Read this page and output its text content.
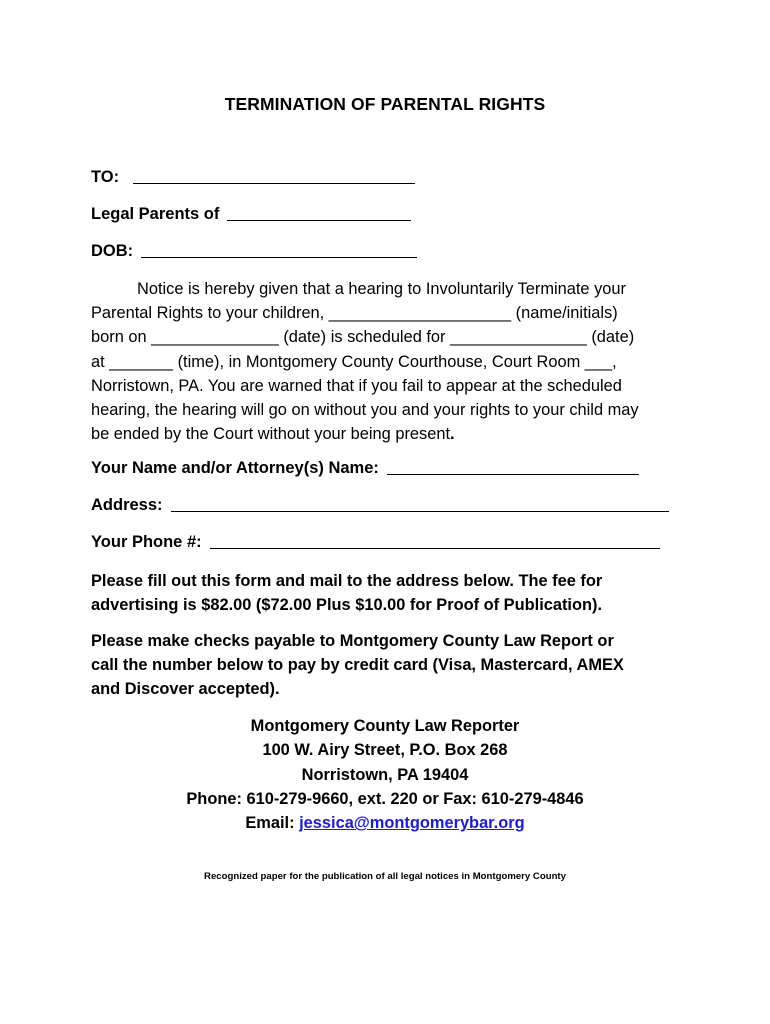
TERMINATION OF PARENTAL RIGHTS
TO:
Legal Parents of
DOB:
Notice is hereby given that a hearing to Involuntarily Terminate your
Parental Rights to your children, ____________________ (name/initials)
born on ______________ (date) is scheduled for _______________ (date)
at _______ (time), in Montgomery County Courthouse, Court Room ___,
Norristown, PA. You are warned that if you fail to appear at the scheduled
hearing, the hearing will go on without you and your rights to your child may
be ended by the Court without your being present.
Your Name and/or Attorney(s) Name:
Address:
Your Phone #:
Please fill out this form and mail to the address below. The fee for
advertising is $82.00 ($72.00 Plus $10.00 for Proof of Publication).
Please make checks payable to Montgomery County Law Report or
call the number below to pay by credit card (Visa, Mastercard, AMEX
and Discover accepted).
Montgomery County Law Reporter
100 W. Airy Street, P.O. Box 268
Norristown, PA 19404
Phone: 610-279-9660, ext. 220 or Fax: 610-279-4846
Email: jessica@montgomerybar.org
Recognized paper for the publication of all legal notices in Montgomery County
